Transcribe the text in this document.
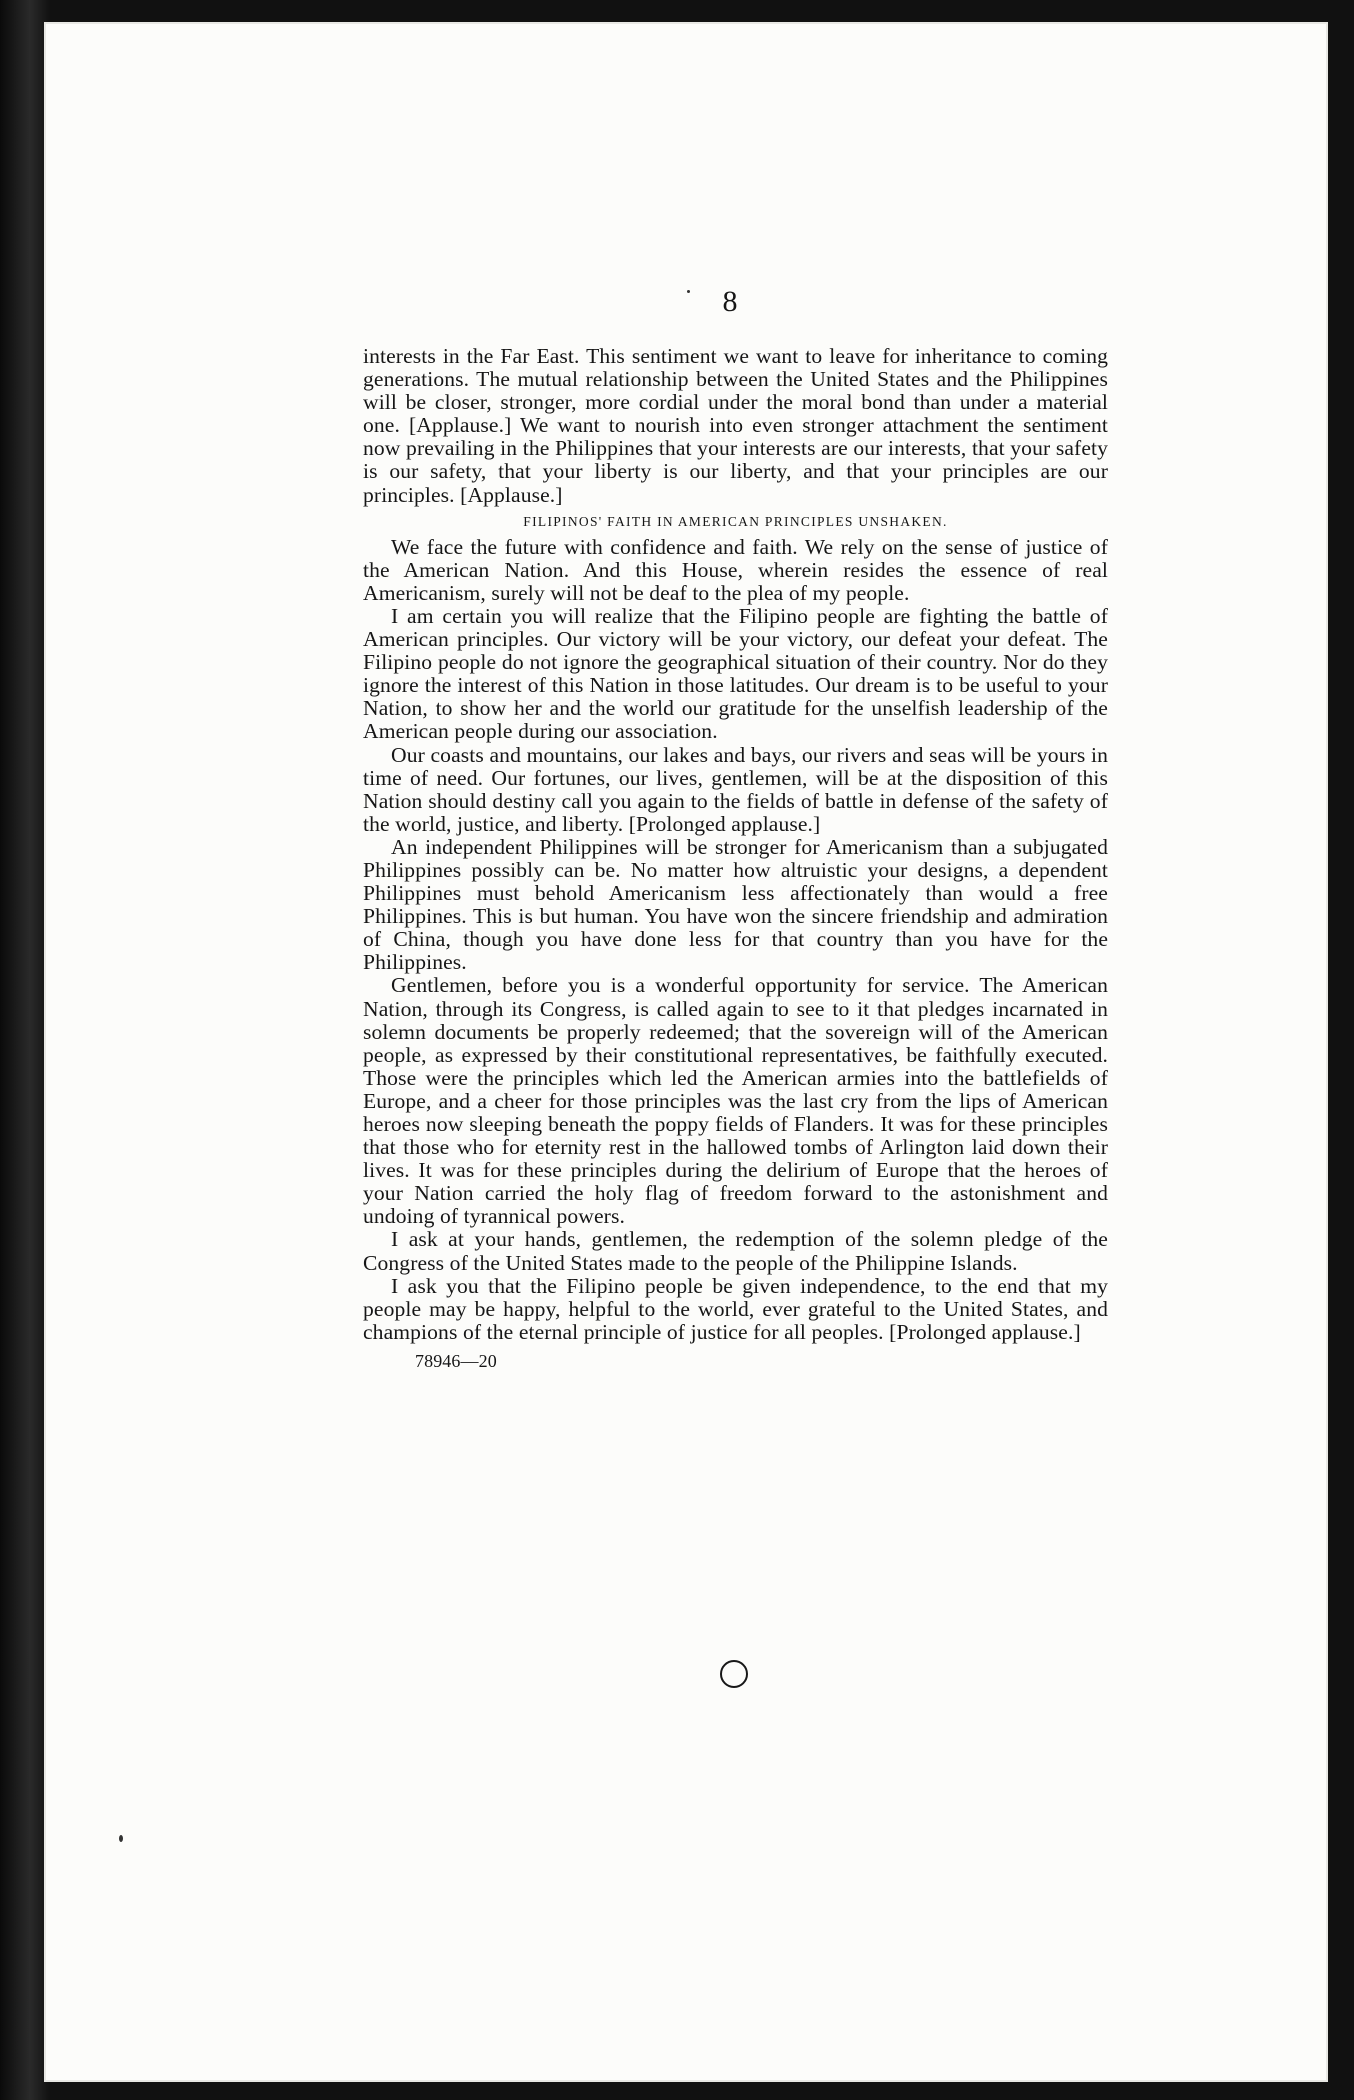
8

interests in the Far East. This sentiment we want to leave for inheritance to coming generations. The mutual relationship between the United States and the Philippines will be closer, stronger, more cordial under the moral bond than under a material one. [Applause.] We want to nourish into even stronger attachment the sentiment now prevailing in the Philippines that your interests are our interests, that your safety is our safety, that your liberty is our liberty, and that your principles are our principles. [Applause.]

FILIPINOS' FAITH IN AMERICAN PRINCIPLES UNSHAKEN.

We face the future with confidence and faith. We rely on the sense of justice of the American Nation. And this House, wherein resides the essence of real Americanism, surely will not be deaf to the plea of my people.

I am certain you will realize that the Filipino people are fighting the battle of American principles. Our victory will be your victory, our defeat your defeat. The Filipino people do not ignore the geographical situation of their country. Nor do they ignore the interest of this Nation in those latitudes. Our dream is to be useful to your Nation, to show her and the world our gratitude for the unselfish leadership of the American people during our association.

Our coasts and mountains, our lakes and bays, our rivers and seas will be yours in time of need. Our fortunes, our lives, gentlemen, will be at the disposition of this Nation should destiny call you again to the fields of battle in defense of the safety of the world, justice, and liberty. [Prolonged applause.]

An independent Philippines will be stronger for Americanism than a subjugated Philippines possibly can be. No matter how altruistic your designs, a dependent Philippines must behold Americanism less affectionately than would a free Philippines. This is but human. You have won the sincere friendship and admiration of China, though you have done less for that country than you have for the Philippines.

Gentlemen, before you is a wonderful opportunity for service. The American Nation, through its Congress, is called again to see to it that pledges incarnated in solemn documents be properly redeemed; that the sovereign will of the American people, as expressed by their constitutional representatives, be faithfully executed. Those were the principles which led the American armies into the battlefields of Europe, and a cheer for those principles was the last cry from the lips of American heroes now sleeping beneath the poppy fields of Flanders. It was for these principles that those who for eternity rest in the hallowed tombs of Arlington laid down their lives. It was for these principles during the delirium of Europe that the heroes of your Nation carried the holy flag of freedom forward to the astonishment and undoing of tyrannical powers.

I ask at your hands, gentlemen, the redemption of the solemn pledge of the Congress of the United States made to the people of the Philippine Islands.

I ask you that the Filipino people be given independence, to the end that my people may be happy, helpful to the world, ever grateful to the United States, and champions of the eternal principle of justice for all peoples. [Prolonged applause.]

78946—20
